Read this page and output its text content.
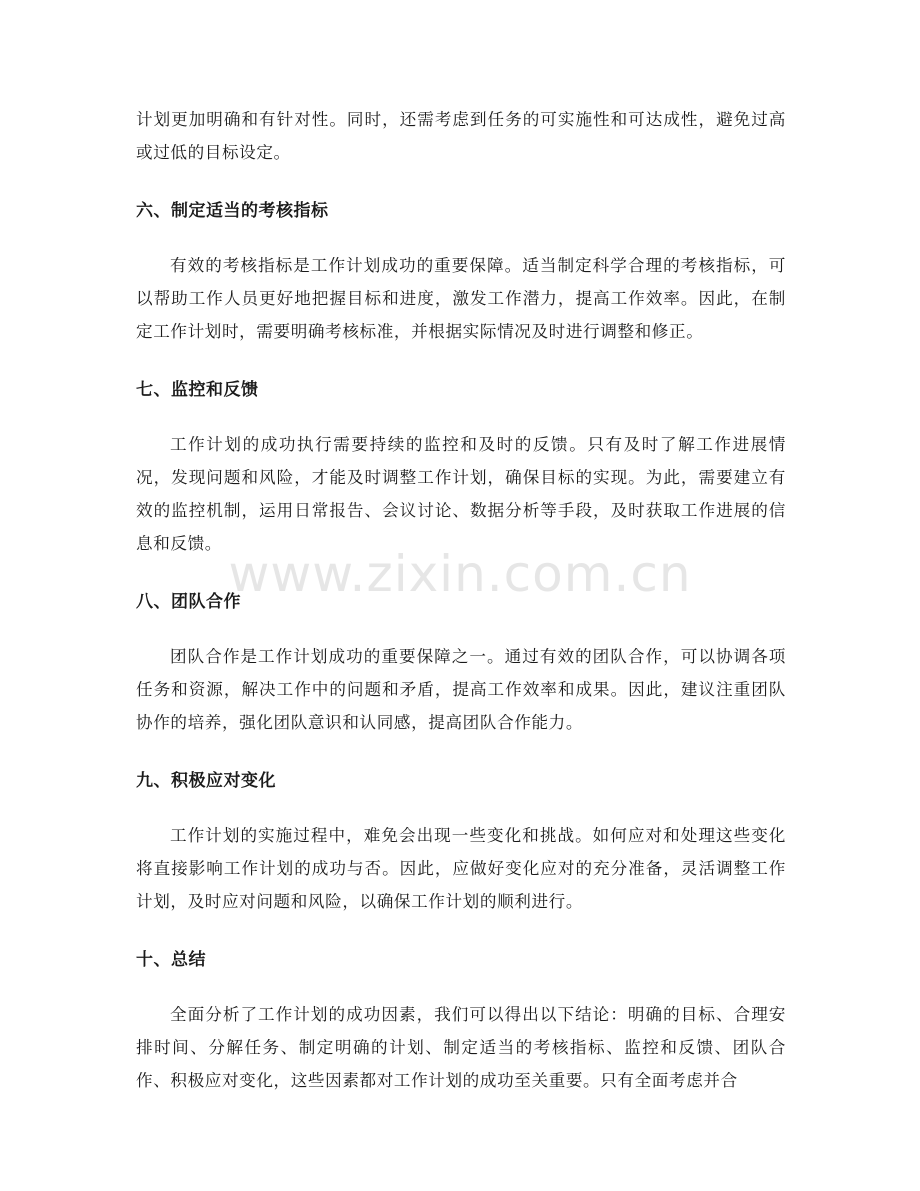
计划更加明确和有针对性。同时，还需考虑到任务的可实施性和可达成性，避免过高或过低的目标设定。

六、制定适当的考核指标

有效的考核指标是工作计划成功的重要保障。适当制定科学合理的考核指标，可以帮助工作人员更好地把握目标和进度，激发工作潜力，提高工作效率。因此，在制定工作计划时，需要明确考核标准，并根据实际情况及时进行调整和修正。

七、监控和反馈

工作计划的成功执行需要持续的监控和及时的反馈。只有及时了解工作进展情况，发现问题和风险，才能及时调整工作计划，确保目标的实现。为此，需要建立有效的监控机制，运用日常报告、会议讨论、数据分析等手段，及时获取工作进展的信息和反馈。

八、团队合作

团队合作是工作计划成功的重要保障之一。通过有效的团队合作，可以协调各项任务和资源，解决工作中的问题和矛盾，提高工作效率和成果。因此，建议注重团队协作的培养，强化团队意识和认同感，提高团队合作能力。

九、积极应对变化

工作计划的实施过程中，难免会出现一些变化和挑战。如何应对和处理这些变化将直接影响工作计划的成功与否。因此，应做好变化应对的充分准备，灵活调整工作计划，及时应对问题和风险，以确保工作计划的顺利进行。

十、总结

全面分析了工作计划的成功因素，我们可以得出以下结论：明确的目标、合理安排时间、分解任务、制定明确的计划、制定适当的考核指标、监控和反馈、团队合作、积极应对变化，这些因素都对工作计划的成功至关重要。只有全面考虑并合

www.zixin.com.cn
